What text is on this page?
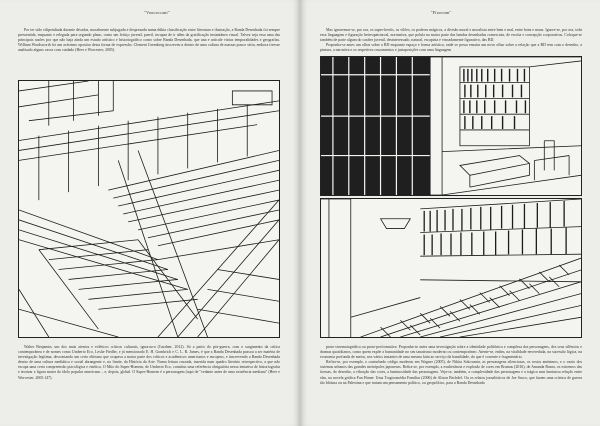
"Vooooccant"

Por ter sido vilipendiada durante décadas, moralmente subjugada e desprezada numa dúbia classificação entre literatura e ilustração, a Banda Desenhada foi sempre pressentida, enquanto e relegada para segundo plano, como um feitiço juvenil, pueril, incapaz de ir além da gratificação instantânea visual. Talvez seja essa uma das principais razões por que não haja ainda um estudo artístico e historiográfico como sobre Banda Desenhada, que una e articule várias temporalidades e geografias. William Wordsworth foi um acérrimo opositor desta forma de expressão. Clement Greenberg inscreveu-a dentro de uma cultura de massas pouco séria, embora tivesse analisado alguns casos com cuidado (Heer e Worcester, 2005).

Walter Benjamin, um dos mais atentos e ecléticos críticos culturais, ignorou-a (Gardner, 2012). Só a partir do pós-guerra, com o surgimento da crítica contemporânea e de nomes como Umberto Eco, Leslie Fiedler, e já mencionado E. H. Gombrich e C. L. R. James, é que a Banda Desenhada passou a ser matéria de investigação legítima, descontando um certo elitismo que ocupava a maior parte dos críticos e académicos americanos e europeus, e inscrevendo a Banda Desenhada dentro de uma cultura mediática e social abrangente e, no limite, da História da Arte. Numa leitura cruzada, inserida num quadro literário retrospectivo, a que não escapa uma certa compreensão psicológica e estética, O Mito do Super-Homem, de Umberto Eco, constitui uma referência obrigatória nessa tentativa de historiografar e teorizar a figura maior do ídolo popular americano – e, depois, global. O Super-Homem é a personagem (aqui de "vedante antes de uma existência mediana" (Heer e Worcester, 2005:147).

"Ffoooom"

Mas ignoremos-se, por ora, os super-heróis, os vilões, os poderes mágicos, a divisão moral e moralista entre bem e mal, entre bons e maus. Ignore-se, por ora, toda essa linguagem e figuração heteropatriarcal, normativa, que polula na maior parte das bandas desenhadas comerciais, de escrita e concepção corporativas. Coloque-se também de parte algum do caráter juvenil, desinteressado, natural, escapista e vincadamente figurativo, das BD.

Proponha-se antes um olhar sobre a BD enquanto espaço e forma artística, onde se possa ensaiar um novo olhar sobre a relação que a BD tem com o desenho, a pintura, a narrativa e os respetivos cruzamentos e justaposições com uma linguagem

proto-cinematográfica ou proto-performativa. Proponha-se antes uma investigação sobre a identidade polifónica e complexa das personagens, dos seus silêncios e dramas quotidianos, como quem expõe a humanidade no seu tanatismo moderno ou contemporâneo. Atente-se, enfim, na vitalidade enveredada, na sucessão lógica, na economia profunda de meios, nos vários instantes de uma mesma fatia ao serviço da banalidade, do que é corrente e fragmentário.

Refira-se, por exemplo, o conturbado código moderno em Wagner (2005), de Nikita Sokovanta, as personagens silenciosas, os rostos anónimos, e o vazio dos sistemas urbanos das grandes metrópoles japonesas. Refira-se, por exemplo, a exuberância e explosão de cores em Brumas (2016), de Amanda Baeza, os extremos das formas, do desenho, a vibração das cores, a luminosidade das personagens. Veja-se, também, a complexidade das personagens e a trágica mas luminosa relação entre elas, na novela gráfica Fun Home: Uma Tragicomédia Familiar (2006) de Alison Bechdel. Ou os relatos jornalísticos de Joe Sacco, que fazem uma crónica de guerra tão blósina ou na Palestina e que tratam um pensamento político, ou geopolítico, para a Banda Desenhada
